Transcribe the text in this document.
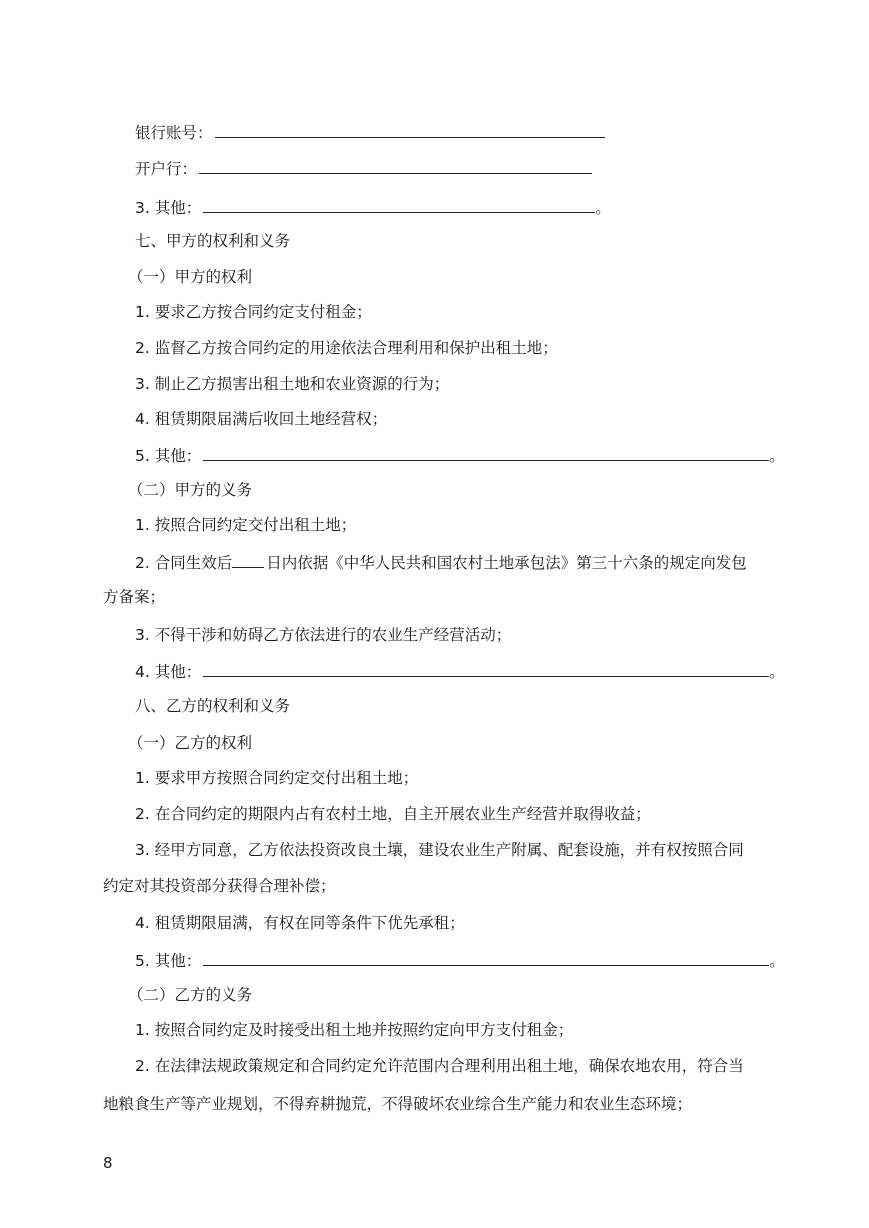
银行账号：
开户行：
3. 其他：	。
七、甲方的权利和义务
（一）甲方的权利
1. 要求乙方按合同约定支付租金；
2. 监督乙方按合同约定的用途依法合理利用和保护出租土地；
3. 制止乙方损害出租土地和农业资源的行为；
4. 租赁期限届满后收回土地经营权；
5. 其他：	。
（二）甲方的义务
1. 按照合同约定交付出租土地；
2. 合同生效后 日内依据《中华人民共和国农村土地承包法》第三十六条的规定向发包
方备案；
3. 不得干涉和妨碍乙方依法进行的农业生产经营活动；
4. 其他：	。
八、乙方的权利和义务
（一）乙方的权利
1. 要求甲方按照合同约定交付出租土地；
2. 在合同约定的期限内占有农村土地，自主开展农业生产经营并取得收益；
3. 经甲方同意，乙方依法投资改良土壤，建设农业生产附属、配套设施，并有权按照合同
约定对其投资部分获得合理补偿；
4. 租赁期限届满，有权在同等条件下优先承租；
5. 其他：	。
（二）乙方的义务
1. 按照合同约定及时接受出租土地并按照约定向甲方支付租金；
2. 在法律法规政策规定和合同约定允许范围内合理利用出租土地，确保农地农用，符合当
地粮食生产等产业规划，不得弃耕抛荒，不得破坏农业综合生产能力和农业生态环境；
8
